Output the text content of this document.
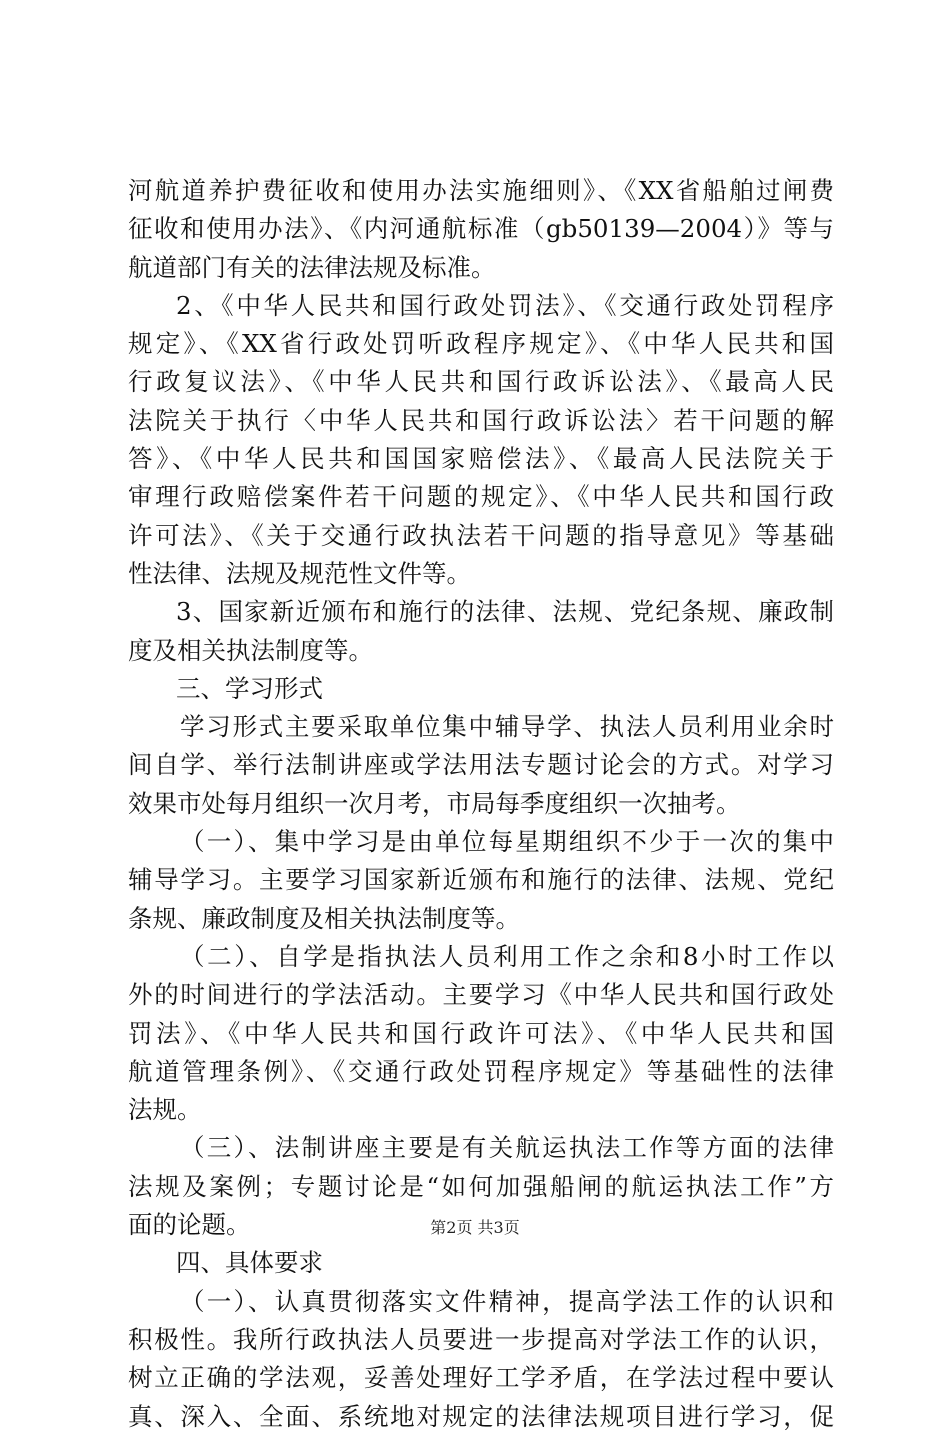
河航道养护费征收和使用办法实施细则》、《XX省船舶过闸费
征收和使用办法》、《内河通航标准（gb50139—2004）》等与
航道部门有关的法律法规及标准。
2、《中华人民共和国行政处罚法》、《交通行政处罚程序
规定》、《XX省行政处罚听政程序规定》、《中华人民共和国
行政复议法》、《中华人民共和国行政诉讼法》、《最高人民
法院关于执行〈中华人民共和国行政诉讼法〉若干问题的解
答》、《中华人民共和国国家赔偿法》、《最高人民法院关于
审理行政赔偿案件若干问题的规定》、《中华人民共和国行政
许可法》、《关于交通行政执法若干问题的指导意见》等基础
性法律、法规及规范性文件等。
3、国家新近颁布和施行的法律、法规、党纪条规、廉政制
度及相关执法制度等。
三、学习形式
学习形式主要采取单位集中辅导学、执法人员利用业余时
间自学、举行法制讲座或学法用法专题讨论会的方式。对学习
效果市处每月组织一次月考，市局每季度组织一次抽考。
（一）、集中学习是由单位每星期组织不少于一次的集中
辅导学习。主要学习国家新近颁布和施行的法律、法规、党纪
条规、廉政制度及相关执法制度等。
（二）、自学是指执法人员利用工作之余和8小时工作以
外的时间进行的学法活动。主要学习《中华人民共和国行政处
罚法》、《中华人民共和国行政许可法》、《中华人民共和国
航道管理条例》、《交通行政处罚程序规定》等基础性的法律
法规。
（三）、法制讲座主要是有关航运执法工作等方面的法律
法规及案例；专题讨论是“如何加强船闸的航运执法工作”方
面的论题。
四、具体要求
（一）、认真贯彻落实文件精神，提高学法工作的认识和
积极性。我所行政执法人员要进一步提高对学法工作的认识，
树立正确的学法观，妥善处理好工学矛盾，在学法过程中要认
真、深入、全面、系统地对规定的法律法规项目进行学习，促
第2页 共3页
